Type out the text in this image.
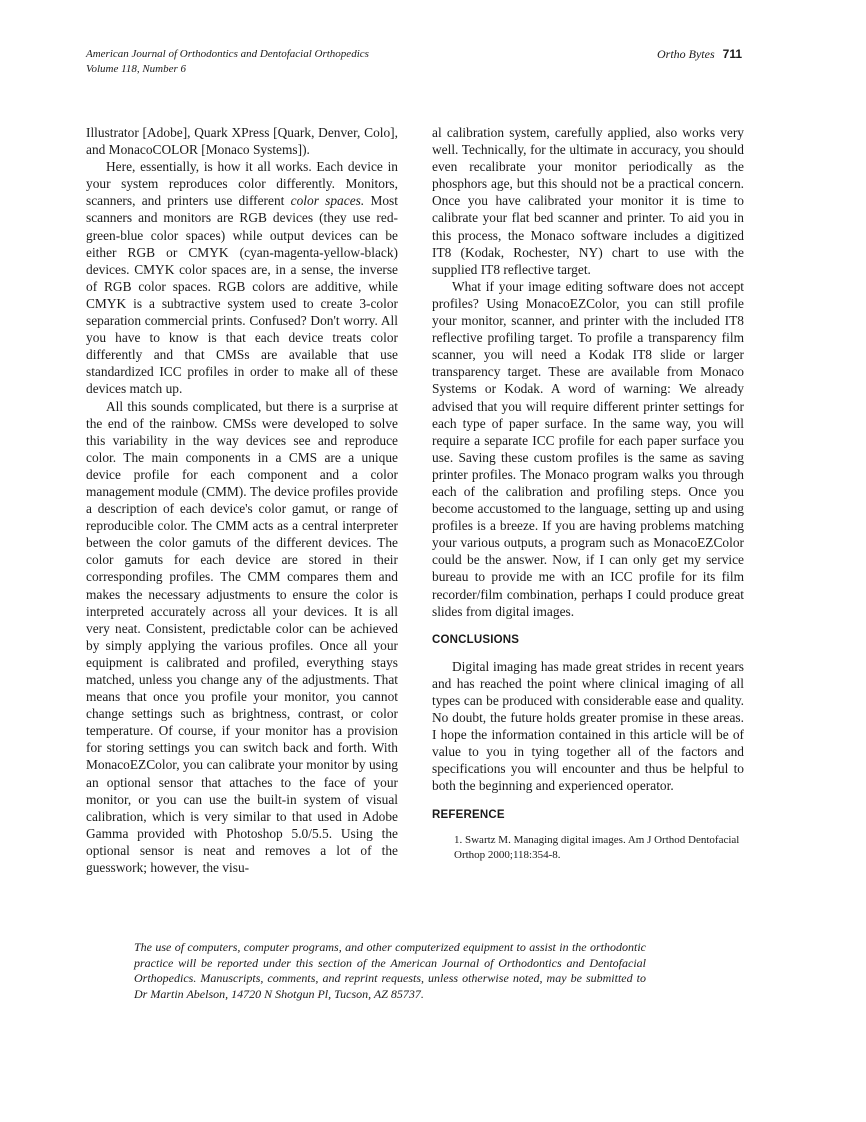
American Journal of Orthodontics and Dentofacial Orthopedics
Volume 118, Number 6
Ortho Bytes 711

Illustrator [Adobe], Quark XPress [Quark, Denver, Colo], and MonacoCOLOR [Monaco Systems]).

Here, essentially, is how it all works. Each device in your system reproduces color differently. Monitors, scanners, and printers use different color spaces. Most scanners and monitors are RGB devices (they use red-green-blue color spaces) while output devices can be either RGB or CMYK (cyan-magenta-yellow-black) devices. CMYK color spaces are, in a sense, the inverse of RGB color spaces. RGB colors are additive, while CMYK is a subtractive system used to create 3-color separation commercial prints. Confused? Don't worry. All you have to know is that each device treats color differently and that CMSs are available that use standardized ICC profiles in order to make all of these devices match up.

All this sounds complicated, but there is a surprise at the end of the rainbow. CMSs were developed to solve this variability in the way devices see and reproduce color. The main components in a CMS are a unique device profile for each component and a color management module (CMM). The device profiles provide a description of each device's color gamut, or range of reproducible color. The CMM acts as a central interpreter between the color gamuts of the different devices. The color gamuts for each device are stored in their corresponding profiles. The CMM compares them and makes the necessary adjustments to ensure the color is interpreted accurately across all your devices. It is all very neat. Consistent, predictable color can be achieved by simply applying the various profiles. Once all your equipment is calibrated and profiled, everything stays matched, unless you change any of the adjustments. That means that once you profile your monitor, you cannot change settings such as brightness, contrast, or color temperature. Of course, if your monitor has a provision for storing settings you can switch back and forth. With MonacoEZColor, you can calibrate your monitor by using an optional sensor that attaches to the face of your monitor, or you can use the built-in system of visual calibration, which is very similar to that used in Adobe Gamma provided with Photoshop 5.0/5.5. Using the optional sensor is neat and removes a lot of the guesswork; however, the visu-

al calibration system, carefully applied, also works very well. Technically, for the ultimate in accuracy, you should even recalibrate your monitor periodically as the phosphors age, but this should not be a practical concern. Once you have calibrated your monitor it is time to calibrate your flat bed scanner and printer. To aid you in this process, the Monaco software includes a digitized IT8 (Kodak, Rochester, NY) chart to use with the supplied IT8 reflective target.

What if your image editing software does not accept profiles? Using MonacoEZColor, you can still profile your monitor, scanner, and printer with the included IT8 reflective profiling target. To profile a transparency film scanner, you will need a Kodak IT8 slide or larger transparency target. These are available from Monaco Systems or Kodak. A word of warning: We already advised that you will require different printer settings for each type of paper surface. In the same way, you will require a separate ICC profile for each paper surface you use. Saving these custom profiles is the same as saving printer profiles. The Monaco program walks you through each of the calibration and profiling steps. Once you become accustomed to the language, setting up and using profiles is a breeze. If you are having problems matching your various outputs, a program such as MonacoEZColor could be the answer. Now, if I can only get my service bureau to provide me with an ICC profile for its film recorder/film combination, perhaps I could produce great slides from digital images.

CONCLUSIONS

Digital imaging has made great strides in recent years and has reached the point where clinical imaging of all types can be produced with considerable ease and quality. No doubt, the future holds greater promise in these areas. I hope the information contained in this article will be of value to you in tying together all of the factors and specifications you will encounter and thus be helpful to both the beginning and experienced operator.

REFERENCE

1. Swartz M. Managing digital images. Am J Orthod Dentofacial Orthop 2000;118:354-8.

The use of computers, computer programs, and other computerized equipment to assist in the orthodontic practice will be reported under this section of the American Journal of Orthodontics and Dentofacial Orthopedics. Manuscripts, comments, and reprint requests, unless otherwise noted, may be submitted to Dr Martin Abelson, 14720 N Shotgun Pl, Tucson, AZ 85737.
